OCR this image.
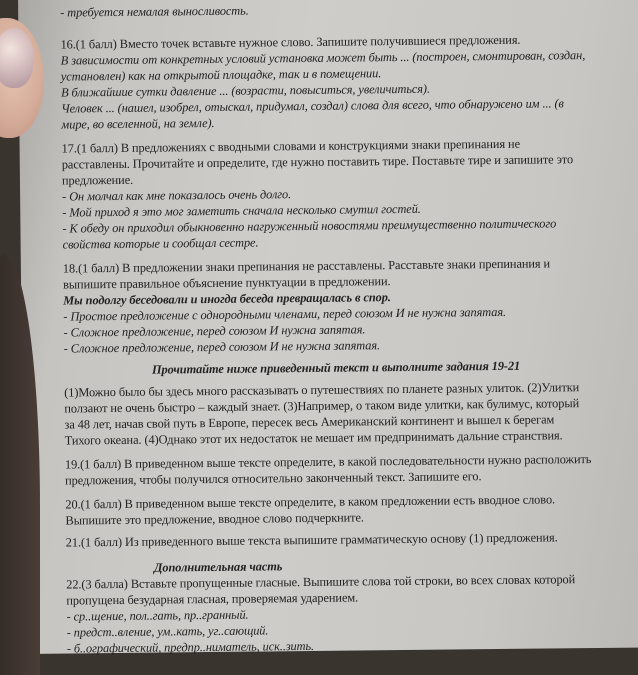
- требуется немалая выносливость.
16.(1 балл) Вместо точек вставьте нужное слово. Запишите получившиеся предложения.
В зависимости от конкретных условий установка может быть ... (построен, смонтирован, создан,
установлен) как на открытой площадке, так и в помещении.
В ближайшие сутки давление ... (возрасти, повыситься, увеличиться).
Человек ... (нашел, изобрел, отыскал, придумал, создал) слова для всего, что обнаружено им ... (в
мире, во вселенной, на земле).
17.(1 балл) В предложениях с вводными словами и конструкциями знаки препинания не
расставлены. Прочитайте и определите, где нужно поставить тире. Поставьте тире и запишите это
предложение.
- Он молчал как мне показалось очень долго.
- Мой приход я это мог заметить сначала несколько смутил гостей.
- К обеду он приходил обыкновенно нагруженный новостями преимущественно политического
свойства которые и сообщал сестре.
18.(1 балл) В предложении знаки препинания не расставлены. Расставьте знаки препинания и
выпишите правильное объяснение пунктуации в предложении.
Мы подолгу беседовали и иногда беседа превращалась в спор.
- Простое предложение с однородными членами, перед союзом И не нужна запятая.
- Сложное предложение, перед союзом И нужна запятая.
- Сложное предложение, перед союзом И не нужна запятая.
Прочитайте ниже приведенный текст и выполните задания 19-21
(1)Можно было бы здесь много рассказывать о путешествиях по планете разных улиток. (2)Улитки
ползают не очень быстро – каждый знает. (3)Например, о таком виде улитки, как булимус, который
за 48 лет, начав свой путь в Европе, пересек весь Американский континент и вышел к берегам
Тихого океана. (4)Однако этот их недостаток не мешает им предпринимать дальние странствия.
19.(1 балл) В приведенном выше тексте определите, в какой последовательности нужно расположить
предложения, чтобы получился относительно законченный текст. Запишите его.
20.(1 балл) В приведенном выше тексте определите, в каком предложении есть вводное слово.
Выпишите это предложение, вводное слово подчеркните.
21.(1 балл) Из приведенного выше текста выпишите грамматическую основу (1) предложения.
Дополнительная часть
22.(3 балла) Вставьте пропущенные гласные. Выпишите слова той строки, во всех словах которой
пропущена безударная гласная, проверяемая ударением.
- ср..щение, пол..гать, пр..гранный.
- предст..вление, ум..кать, уг..сающий.
- б..ографический, предпр..ниматель, иск..зить.
